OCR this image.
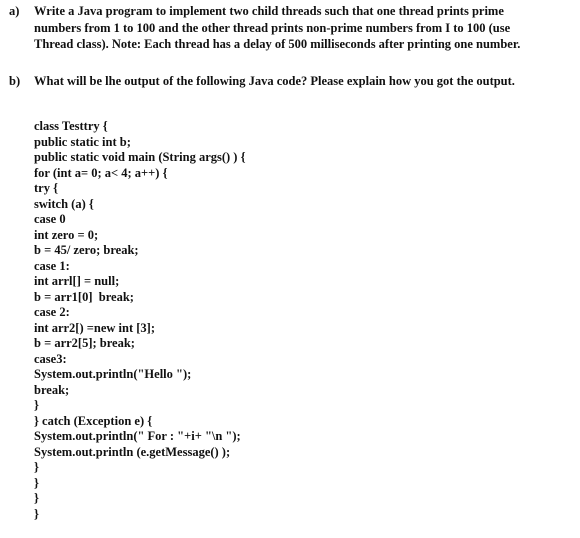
a) Write a Java program to implement two child threads such that one thread prints prime
numbers from 1 to 100 and the other thread prints non-prime numbers from I to 100 (use
Thread class). Note: Each thread has a delay of 500 milliseconds after printing one number.
b) What will be lhe output of the following Java code? Please explain how you got the output.
class Testtry {
public static int b;
public static void main (String args() ) {
for (int a= 0; a< 4; a++) {
try {
switch (a) {
case 0
int zero = 0;
b = 45/ zero; break;
case 1:
int arrl[] = null;
b = arr1[0]  break;
case 2:
int arr2[) =new int [3];
b = arr2[5]; break;
case3:
System.out.println("Hello ");
break;
}
} catch (Exception e) {
System.out.println(" For : "+i+ "\n ");
System.out.println (e.getMessage() );
}
}
}
}
